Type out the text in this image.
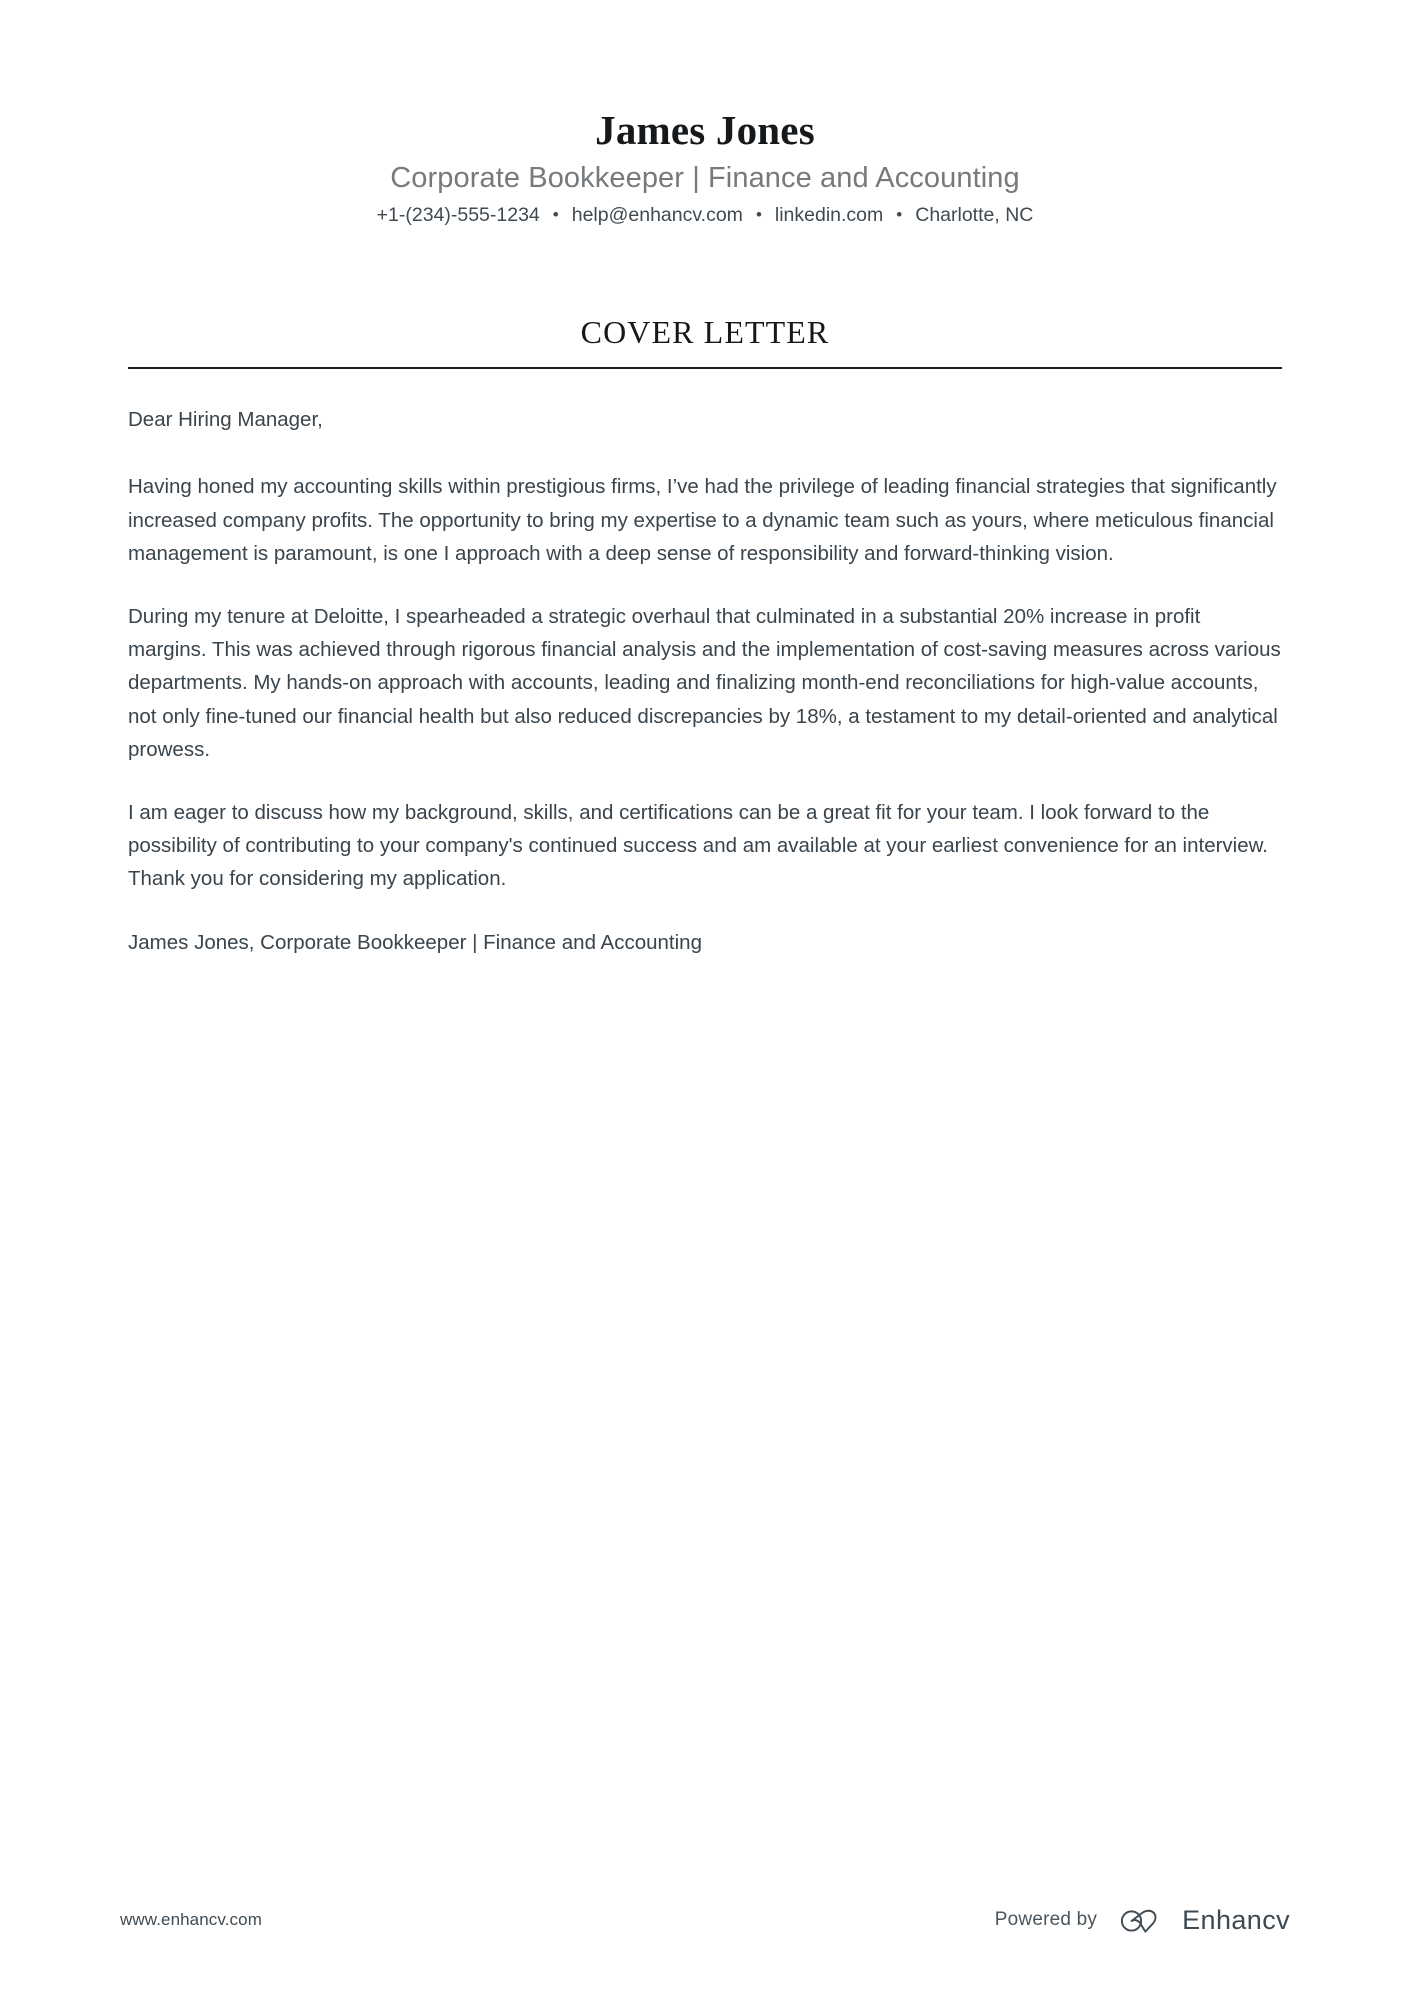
James Jones
Corporate Bookkeeper | Finance and Accounting
+1-(234)-555-1234 • help@enhancv.com • linkedin.com • Charlotte, NC
COVER LETTER

Dear Hiring Manager,

Having honed my accounting skills within prestigious firms, I’ve had the privilege of leading financial strategies that significantly increased company profits. The opportunity to bring my expertise to a dynamic team such as yours, where meticulous financial management is paramount, is one I approach with a deep sense of responsibility and forward-thinking vision.

During my tenure at Deloitte, I spearheaded a strategic overhaul that culminated in a substantial 20% increase in profit margins. This was achieved through rigorous financial analysis and the implementation of cost-saving measures across various departments. My hands-on approach with accounts, leading and finalizing month-end reconciliations for high-value accounts, not only fine-tuned our financial health but also reduced discrepancies by 18%, a testament to my detail-oriented and analytical prowess.

I am eager to discuss how my background, skills, and certifications can be a great fit for your team. I look forward to the possibility of contributing to your company's continued success and am available at your earliest convenience for an interview. Thank you for considering my application.

James Jones, Corporate Bookkeeper | Finance and Accounting

www.enhancv.com	Powered by	Enhancv
